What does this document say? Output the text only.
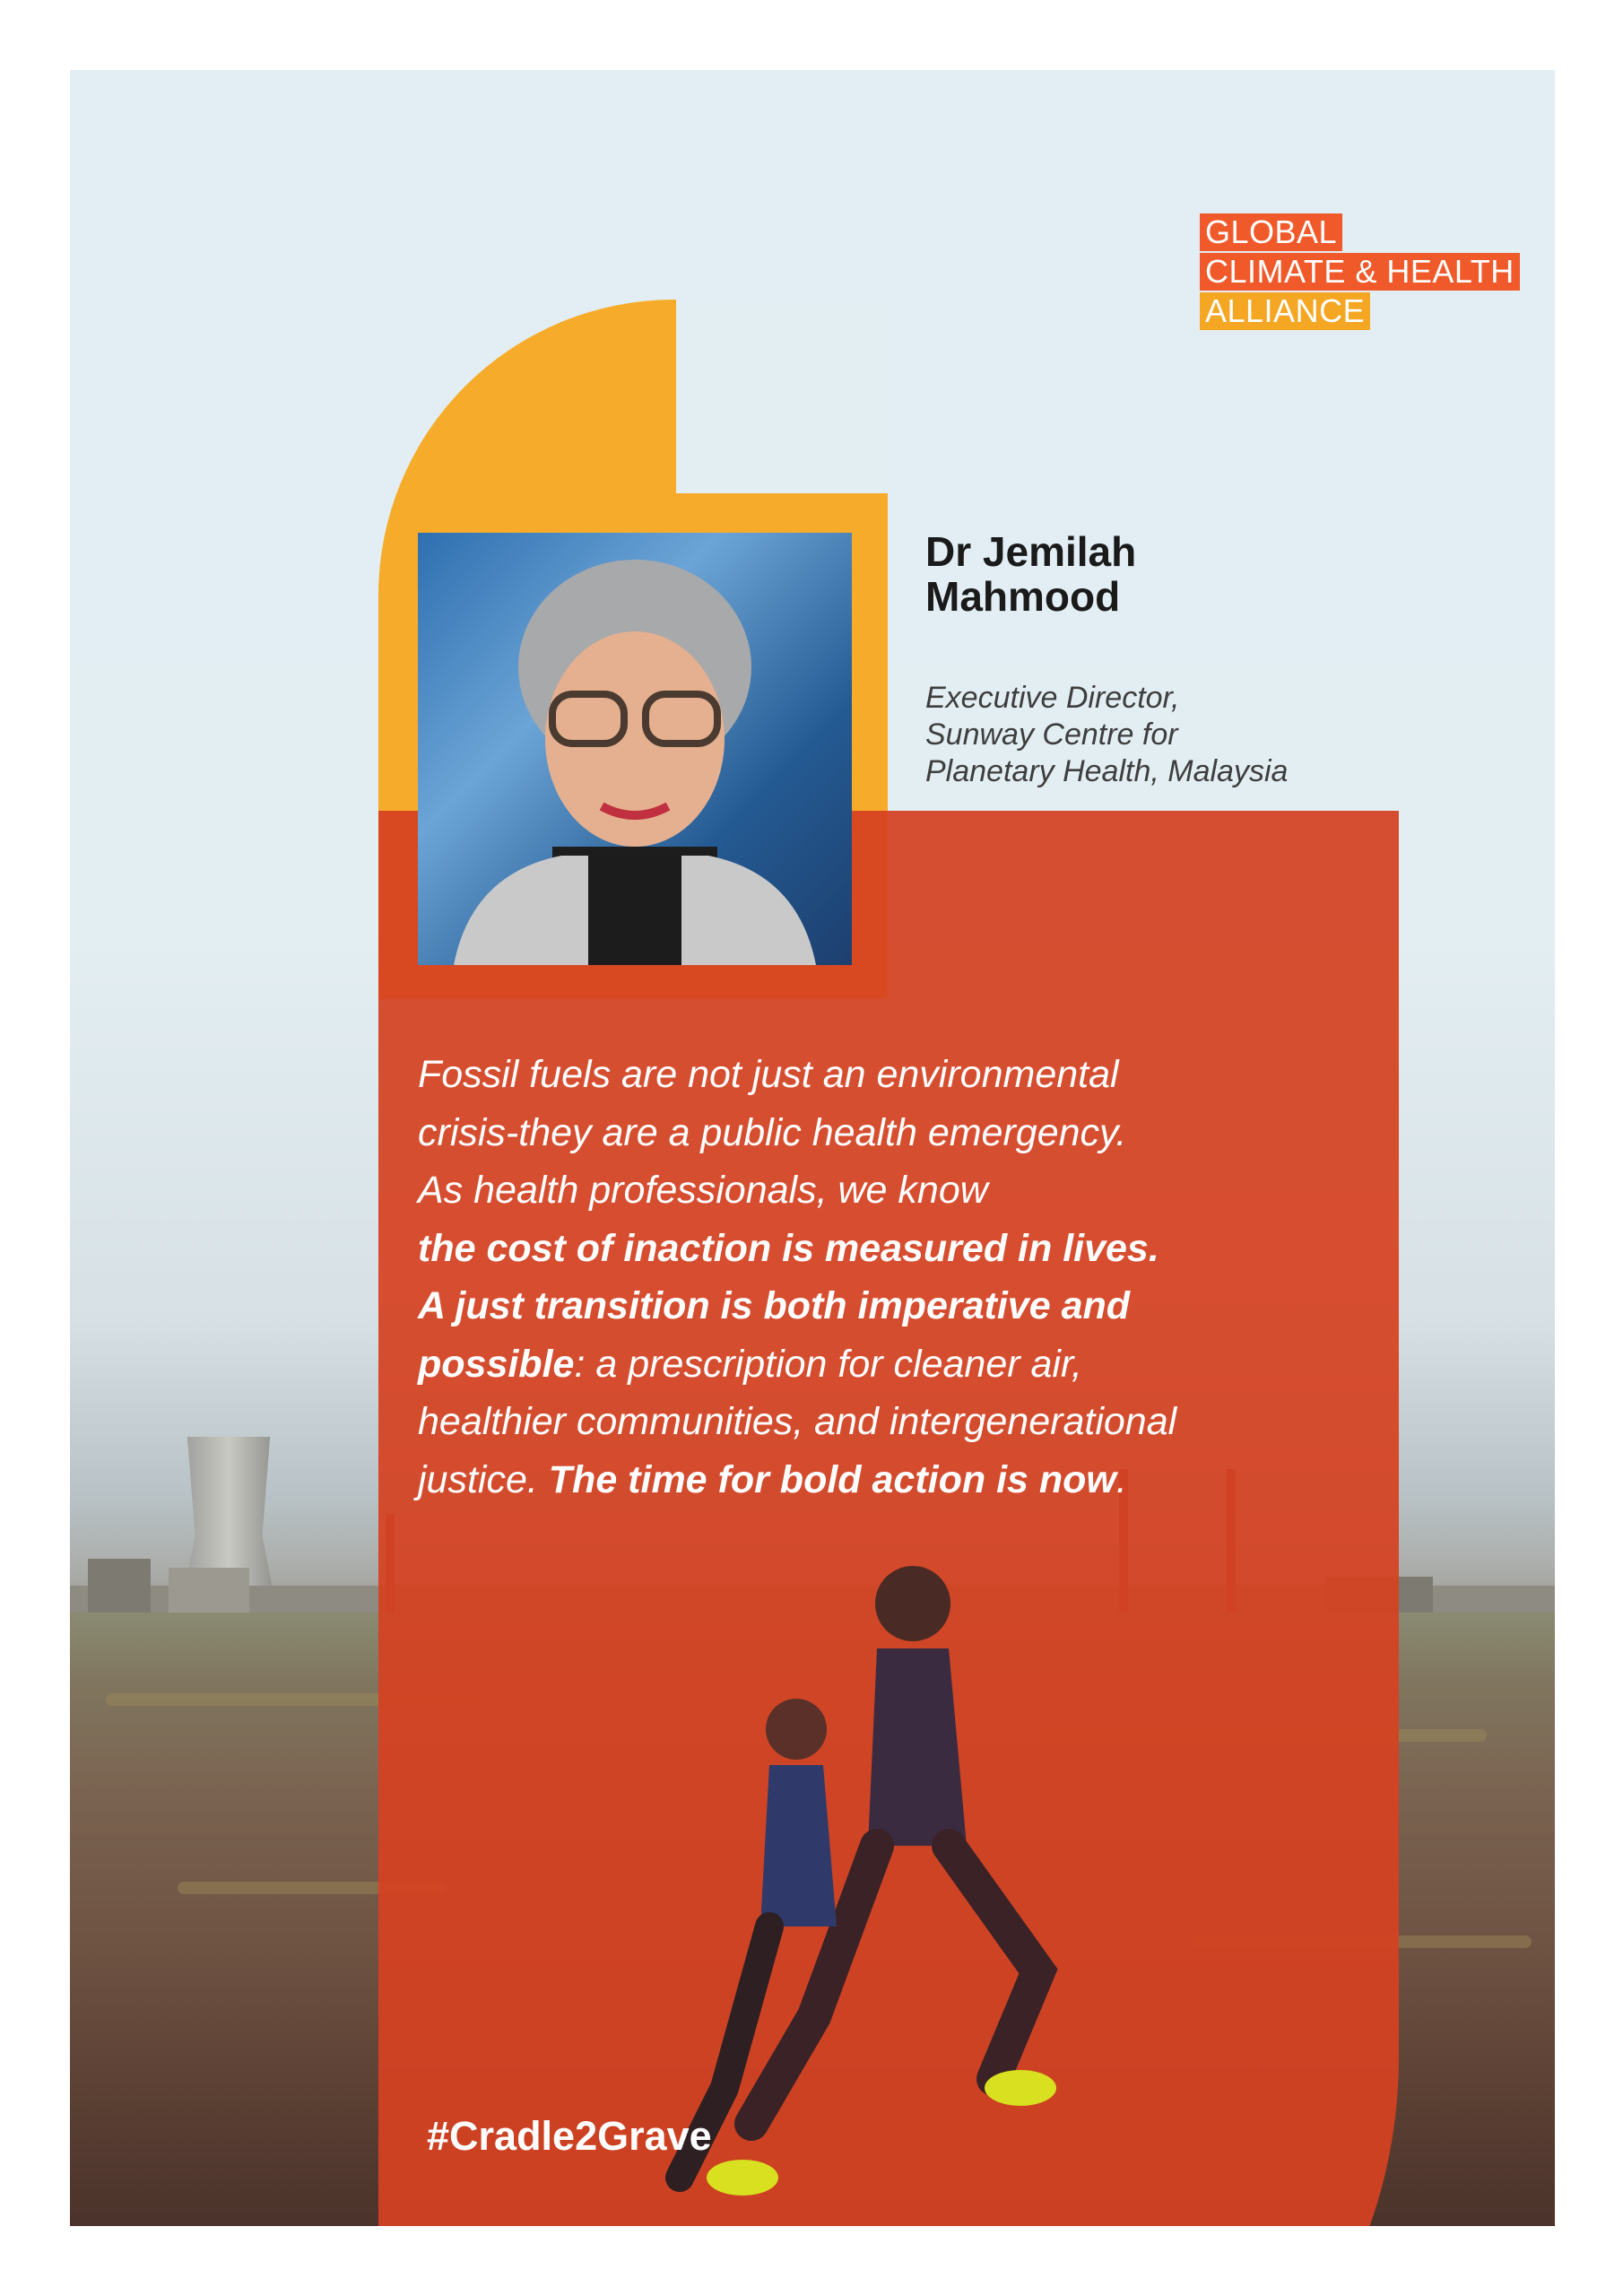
GLOBAL
CLIMATE & HEALTH
ALLIANCE
Dr Jemilah
Mahmood
Executive Director,
Sunway Centre for
Planetary Health, Malaysia
Fossil fuels are not just an environmental
crisis-they are a public health emergency.
As health professionals, we know
the cost of inaction is measured in lives.
A just transition is both imperative and
possible: a prescription for cleaner air,
healthier communities, and intergenerational
justice. The time for bold action is now.
#Cradle2Grave
